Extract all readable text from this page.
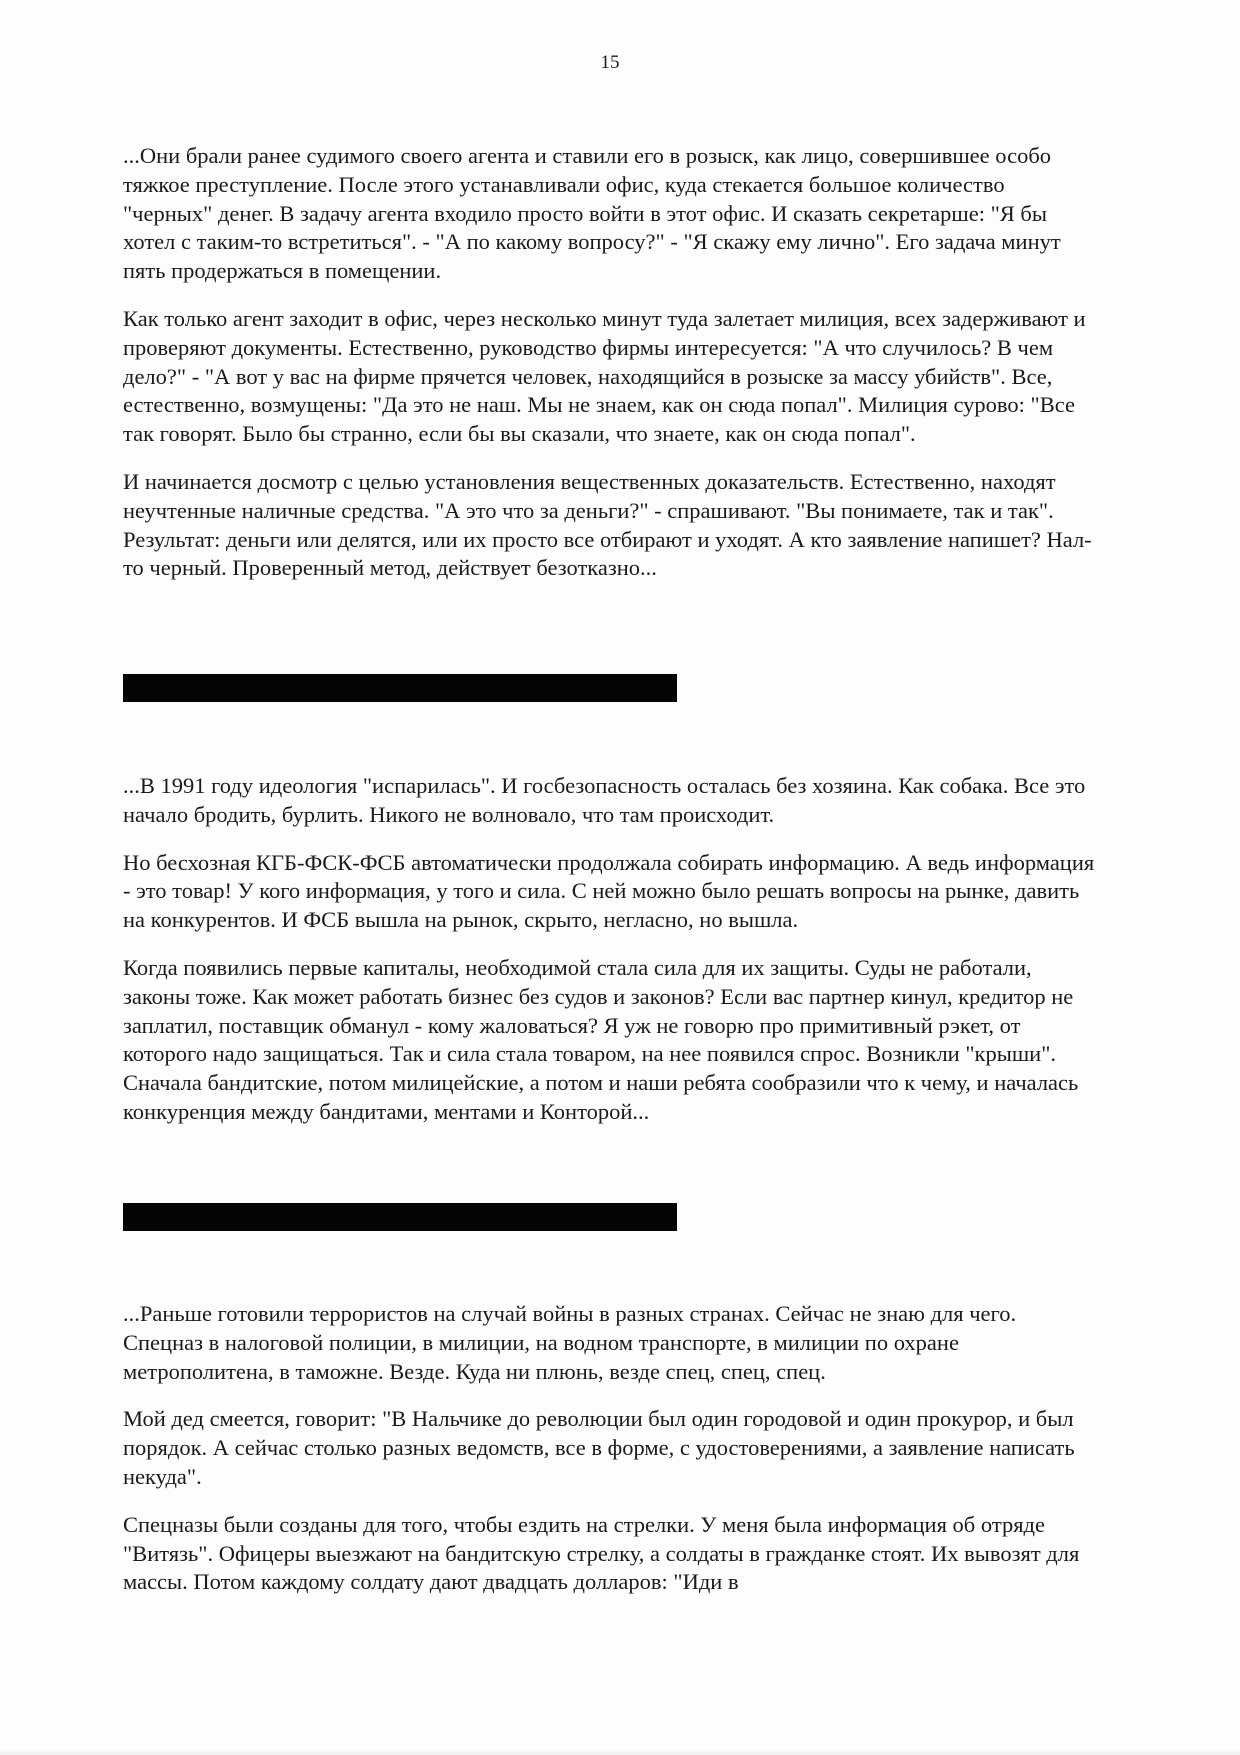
15

...Они брали ранее судимого своего агента и ставили его в розыск, как лицо, совершившее особо тяжкое преступление. После этого устанавливали офис, куда стекается большое количество "черных" денег. В задачу агента входило просто войти в этот офис. И сказать секретарше: "Я бы хотел с таким-то встретиться". - "А по какому вопросу?" - "Я скажу ему лично". Его задача минут пять продержаться в помещении.

Как только агент заходит в офис, через несколько минут туда залетает милиция, всех задерживают и проверяют документы. Естественно, руководство фирмы интересуется: "А что случилось? В чем дело?" - "А вот у вас на фирме прячется человек, находящийся в розыске за массу убийств". Все, естественно, возмущены: "Да это не наш. Мы не знаем, как он сюда попал". Милиция сурово: "Все так говорят. Было бы странно, если бы вы сказали, что знаете, как он сюда попал".

И начинается досмотр с целью установления вещественных доказательств. Естественно, находят неучтенные наличные средства. "А это что за деньги?" - спрашивают. "Вы понимаете, так и так". Результат: деньги или делятся, или их просто все отбирают и уходят. А кто заявление напишет? Нал-то черный. Проверенный метод, действует безотказно...

...В 1991 году идеология "испарилась". И госбезопасность осталась без хозяина. Как собака. Все это начало бродить, бурлить. Никого не волновало, что там происходит.

Но бесхозная КГБ-ФСК-ФСБ автоматически продолжала собирать информацию. А ведь информация - это товар! У кого информация, у того и сила. С ней можно было решать вопросы на рынке, давить на конкурентов. И ФСБ вышла на рынок, скрыто, негласно, но вышла.

Когда появились первые капиталы, необходимой стала сила для их защиты. Суды не работали, законы тоже. Как может работать бизнес без судов и законов? Если вас партнер кинул, кредитор не заплатил, поставщик обманул - кому жаловаться? Я уж не говорю про примитивный рэкет, от которого надо защищаться. Так и сила стала товаром, на нее появился спрос. Возникли "крыши". Сначала бандитские, потом милицейские, а потом и наши ребята сообразили что к чему, и началась конкуренция между бандитами, ментами и Конторой...

...Раньше готовили террористов на случай войны в разных странах. Сейчас не знаю для чего. Спецназ в налоговой полиции, в милиции, на водном транспорте, в милиции по охране метрополитена, в таможне. Везде. Куда ни плюнь, везде спец, спец, спец.

Мой дед смеется, говорит: "В Нальчике до революции был один городовой и один прокурор, и был порядок. А сейчас столько разных ведомств, все в форме, с удостоверениями, а заявление написать некуда".

Спецназы были созданы для того, чтобы ездить на стрелки. У меня была информация об отряде "Витязь". Офицеры выезжают на бандитскую стрелку, а солдаты в гражданке стоят. Их вывозят для массы. Потом каждому солдату дают двадцать долларов: "Иди в
